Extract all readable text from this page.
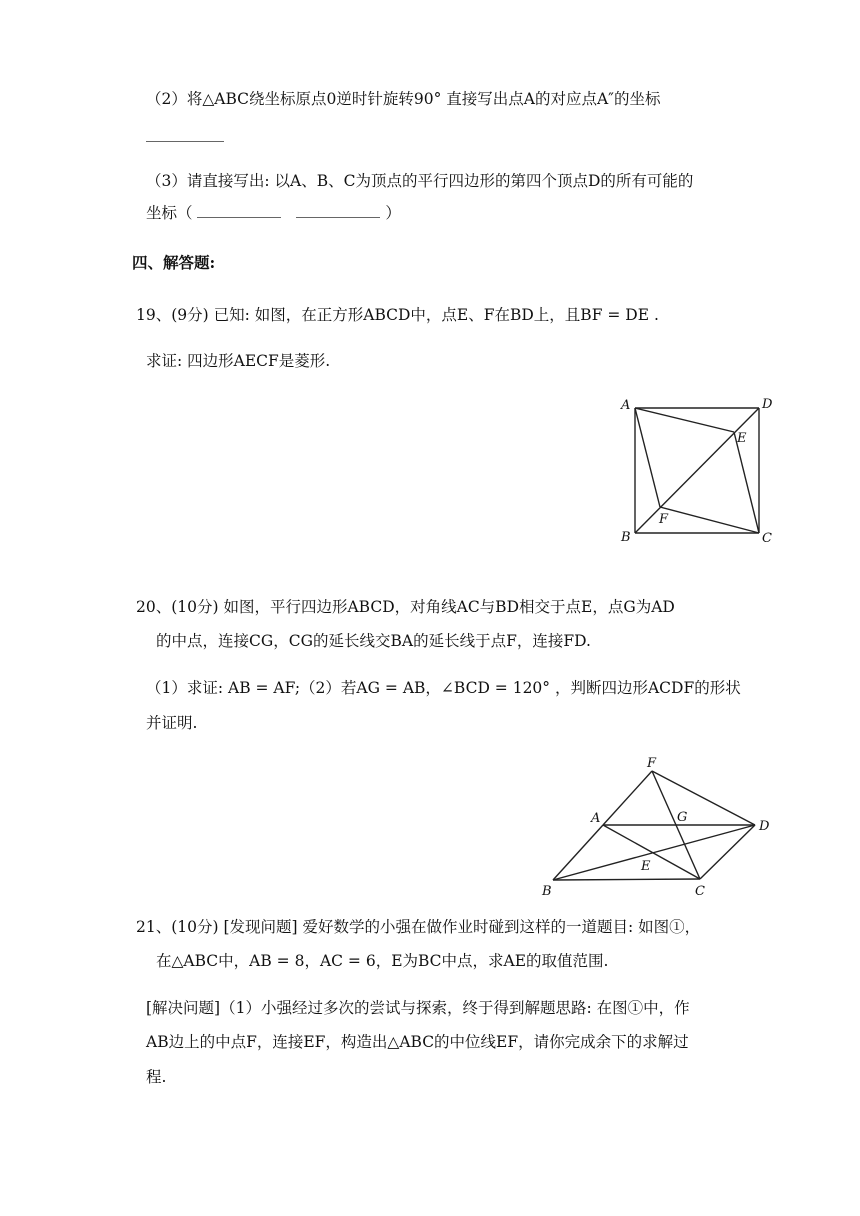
（2）将△ABC绕坐标原点0逆时针旋转90° 直接写出点A的对应点A″的坐标
（3）请直接写出: 以A、B、C为顶点的平行四边形的第四个顶点D的所有可能的
坐标（	）
四、解答题:
19、(9分) 已知: 如图，在正方形ABCD中，点E、F在BD上，且BF = DE .
求证: 四边形AECF是菱形.
A	D
E
F
B	C
20、(10分) 如图，平行四边形ABCD，对角线AC与BD相交于点E，点G为AD
的中点，连接CG，CG的延长线交BA的延长线于点F，连接FD.
（1）求证: AB = AF;（2）若AG = AB，∠BCD = 120° ，判断四边形ACDF的形状
并证明.
F
A	G
D
E
B	C
21、(10分) [发现问题] 爱好数学的小强在做作业时碰到这样的一道题目: 如图①，
在△ABC中，AB = 8，AC = 6，E为BC中点，求AE的取值范围.
[解决问题]（1）小强经过多次的尝试与探索，终于得到解题思路: 在图①中，作
AB边上的中点F，连接EF，构造出△ABC的中位线EF，请你完成余下的求解过
程.
